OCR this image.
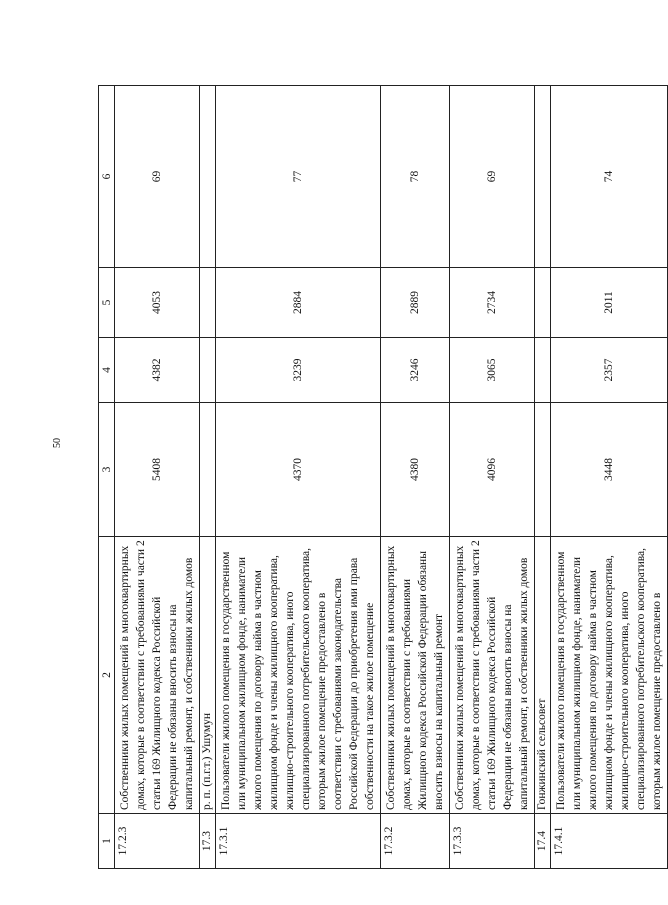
50
1	2	3	4	5	6
17.2.3	Собственники жилых помещений в многоквартирных домах, которые в соответствии с требованиями части 2 статьи 169 Жилищного кодекса Российской Федерации не обязаны вносить взносы на капитальный ремонт, и собственники жилых домов	5408	4382	4053	69
17.3	р. п. (п.г.т.) Ушумун				
17.3.1	Пользователи жилого помещения в государственном или муниципальном жилищном фонде, наниматели жилого помещения по договору найма в частном жилищном фонде и члены жилищного кооператива, жилищно-строительного кооператива, иного специализированного потребительского кооператива, которым жилое помещение предоставлено в соответствии с требованиями законодательства Российской Федерации до приобретения ими права собственности на такое жилое помещение	4370	3239	2884	77
17.3.2	Собственники жилых помещений в многоквартирных домах, которые в соответствии с требованиями Жилищного кодекса Российской Федерации обязаны вносить взносы на капитальный ремонт	4380	3246	2889	78
17.3.3	Собственники жилых помещений в многоквартирных домах, которые в соответствии с требованиями части 2 статьи 169 Жилищного кодекса Российской Федерации не обязаны вносить взносы на капитальный ремонт, и собственники жилых домов	4096	3065	2734	69
17.4	Гонжинский сельсовет				
17.4.1	Пользователи жилого помещения в государственном или муниципальном жилищном фонде, наниматели жилого помещения по договору найма в частном жилищном фонде и члены жилищного кооператива, жилищно-строительного кооператива, иного специализированного потребительского кооператива, которым жилое помещение предоставлено в	3448	2357	2011	74
